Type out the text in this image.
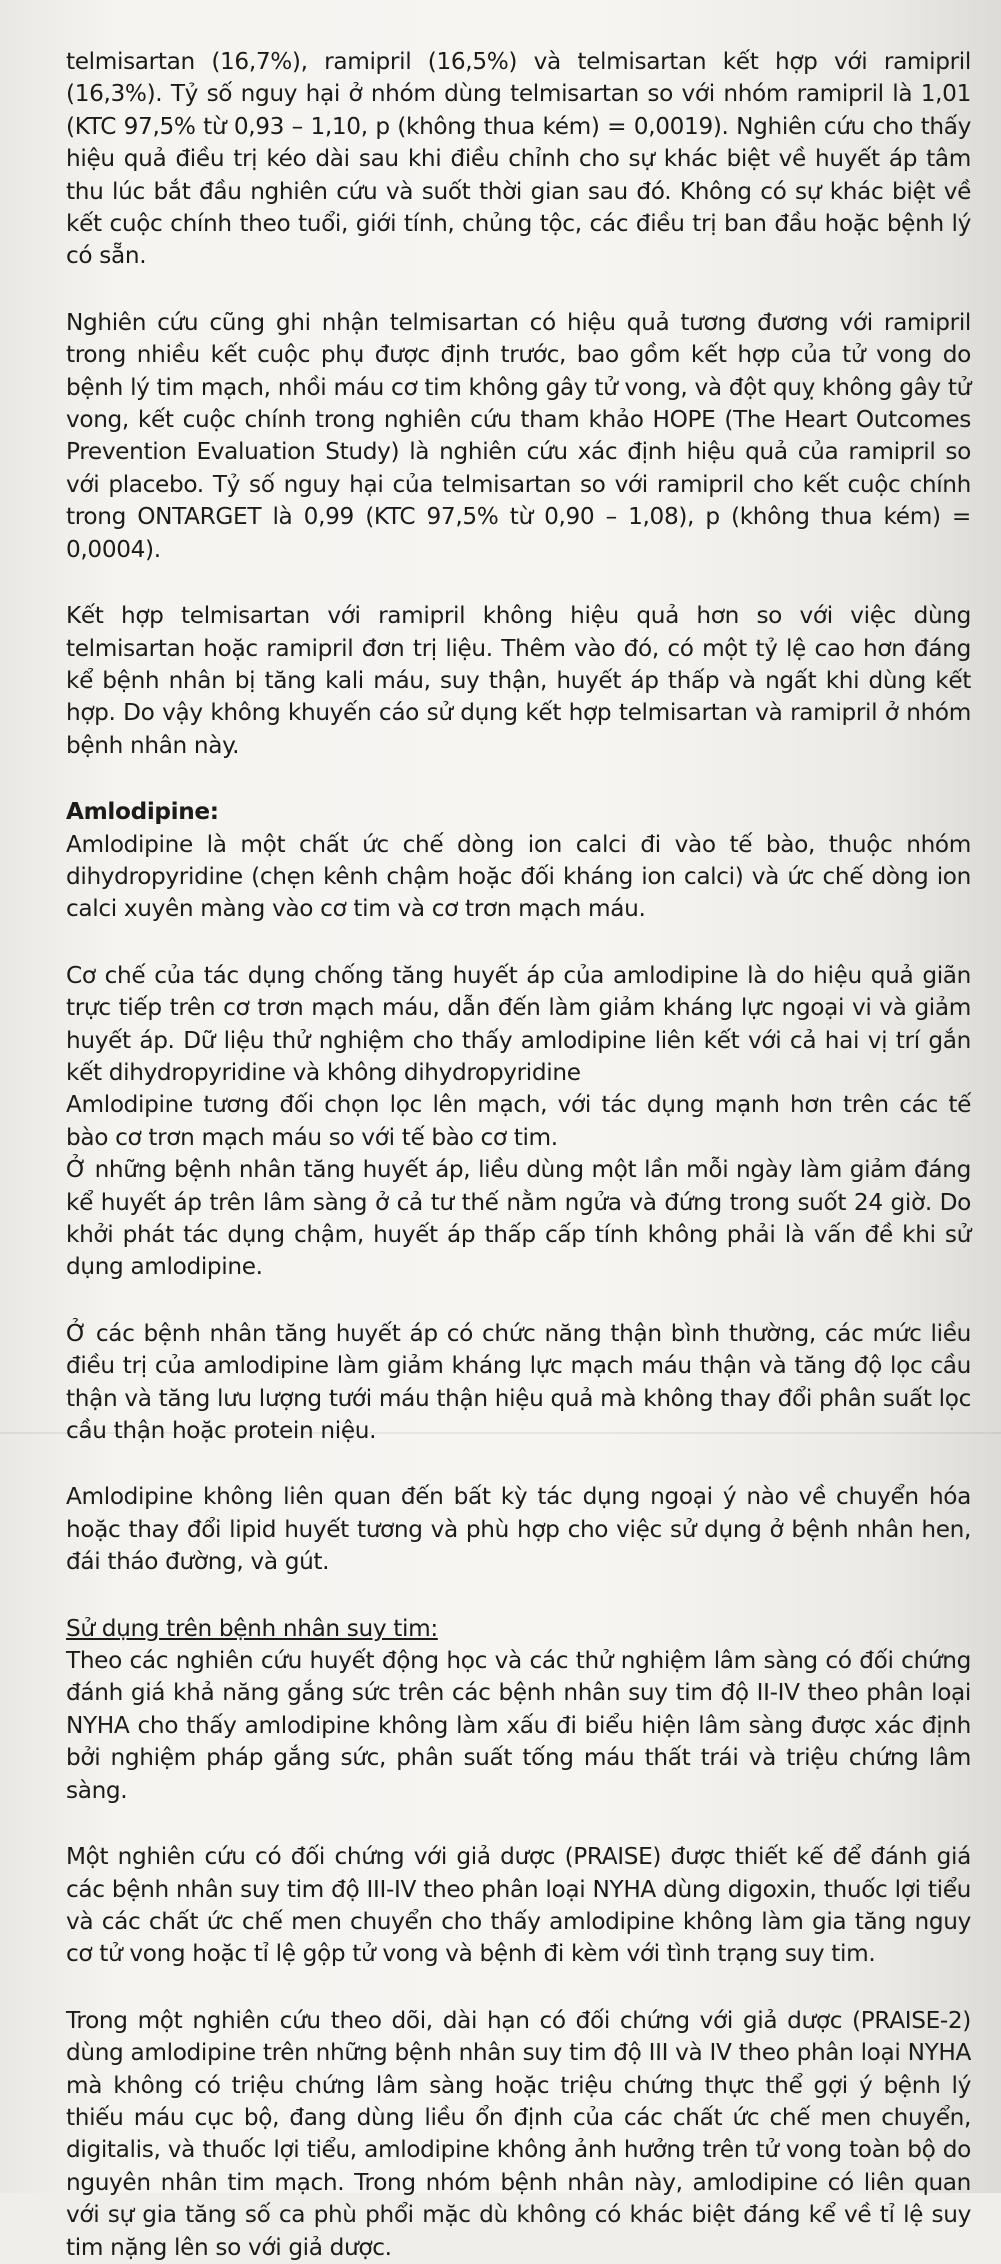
telmisartan (16,7%), ramipril (16,5%) và telmisartan kết hợp với ramipril (16,3%). Tỷ số nguy hại ở nhóm dùng telmisartan so với nhóm ramipril là 1,01 (KTC 97,5% từ 0,93 – 1,10, p (không thua kém) = 0,0019). Nghiên cứu cho thấy hiệu quả điều trị kéo dài sau khi điều chỉnh cho sự khác biệt về huyết áp tâm thu lúc bắt đầu nghiên cứu và suốt thời gian sau đó. Không có sự khác biệt về kết cuộc chính theo tuổi, giới tính, chủng tộc, các điều trị ban đầu hoặc bệnh lý có sẵn.

Nghiên cứu cũng ghi nhận telmisartan có hiệu quả tương đương với ramipril trong nhiều kết cuộc phụ được định trước, bao gồm kết hợp của tử vong do bệnh lý tim mạch, nhồi máu cơ tim không gây tử vong, và đột quỵ không gây tử vong, kết cuộc chính trong nghiên cứu tham khảo HOPE (The Heart Outcomes Prevention Evaluation Study) là nghiên cứu xác định hiệu quả của ramipril so với placebo. Tỷ số nguy hại của telmisartan so với ramipril cho kết cuộc chính trong ONTARGET là 0,99 (KTC 97,5% từ 0,90 – 1,08), p (không thua kém) = 0,0004).

Kết hợp telmisartan với ramipril không hiệu quả hơn so với việc dùng telmisartan hoặc ramipril đơn trị liệu. Thêm vào đó, có một tỷ lệ cao hơn đáng kể bệnh nhân bị tăng kali máu, suy thận, huyết áp thấp và ngất khi dùng kết hợp. Do vậy không khuyến cáo sử dụng kết hợp telmisartan và ramipril ở nhóm bệnh nhân này.

Amlodipine:

Amlodipine là một chất ức chế dòng ion calci đi vào tế bào, thuộc nhóm dihydropyridine (chẹn kênh chậm hoặc đối kháng ion calci) và ức chế dòng ion calci xuyên màng vào cơ tim và cơ trơn mạch máu.

Cơ chế của tác dụng chống tăng huyết áp của amlodipine là do hiệu quả giãn trực tiếp trên cơ trơn mạch máu, dẫn đến làm giảm kháng lực ngoại vi và giảm huyết áp. Dữ liệu thử nghiệm cho thấy amlodipine liên kết với cả hai vị trí gắn kết dihydropyridine và không dihydropyridine

Amlodipine tương đối chọn lọc lên mạch, với tác dụng mạnh hơn trên các tế bào cơ trơn mạch máu so với tế bào cơ tim.

Ở những bệnh nhân tăng huyết áp, liều dùng một lần mỗi ngày làm giảm đáng kể huyết áp trên lâm sàng ở cả tư thế nằm ngửa và đứng trong suốt 24 giờ. Do khởi phát tác dụng chậm, huyết áp thấp cấp tính không phải là vấn đề khi sử dụng amlodipine.

Ở các bệnh nhân tăng huyết áp có chức năng thận bình thường, các mức liều điều trị của amlodipine làm giảm kháng lực mạch máu thận và tăng độ lọc cầu thận và tăng lưu lượng tưới máu thận hiệu quả mà không thay đổi phân suất lọc cầu thận hoặc protein niệu.

Amlodipine không liên quan đến bất kỳ tác dụng ngoại ý nào về chuyển hóa hoặc thay đổi lipid huyết tương và phù hợp cho việc sử dụng ở bệnh nhân hen, đái tháo đường, và gút.

Sử dụng trên bệnh nhân suy tim:

Theo các nghiên cứu huyết động học và các thử nghiệm lâm sàng có đối chứng đánh giá khả năng gắng sức trên các bệnh nhân suy tim độ II-IV theo phân loại NYHA cho thấy amlodipine không làm xấu đi biểu hiện lâm sàng được xác định bởi nghiệm pháp gắng sức, phân suất tống máu thất trái và triệu chứng lâm sàng.

Một nghiên cứu có đối chứng với giả dược (PRAISE) được thiết kế để đánh giá các bệnh nhân suy tim độ III-IV theo phân loại NYHA dùng digoxin, thuốc lợi tiểu và các chất ức chế men chuyển cho thấy amlodipine không làm gia tăng nguy cơ tử vong hoặc tỉ lệ gộp tử vong và bệnh đi kèm với tình trạng suy tim.

Trong một nghiên cứu theo dõi, dài hạn có đối chứng với giả dược (PRAISE-2) dùng amlodipine trên những bệnh nhân suy tim độ III và IV theo phân loại NYHA mà không có triệu chứng lâm sàng hoặc triệu chứng thực thể gợi ý bệnh lý thiếu máu cục bộ, đang dùng liều ổn định của các chất ức chế men chuyển, digitalis, và thuốc lợi tiểu, amlodipine không ảnh hưởng trên tử vong toàn bộ do nguyên nhân tim mạch. Trong nhóm bệnh nhân này, amlodipine có liên quan với sự gia tăng số ca phù phổi mặc dù không có khác biệt đáng kể về tỉ lệ suy tim nặng lên so với giả dược.
